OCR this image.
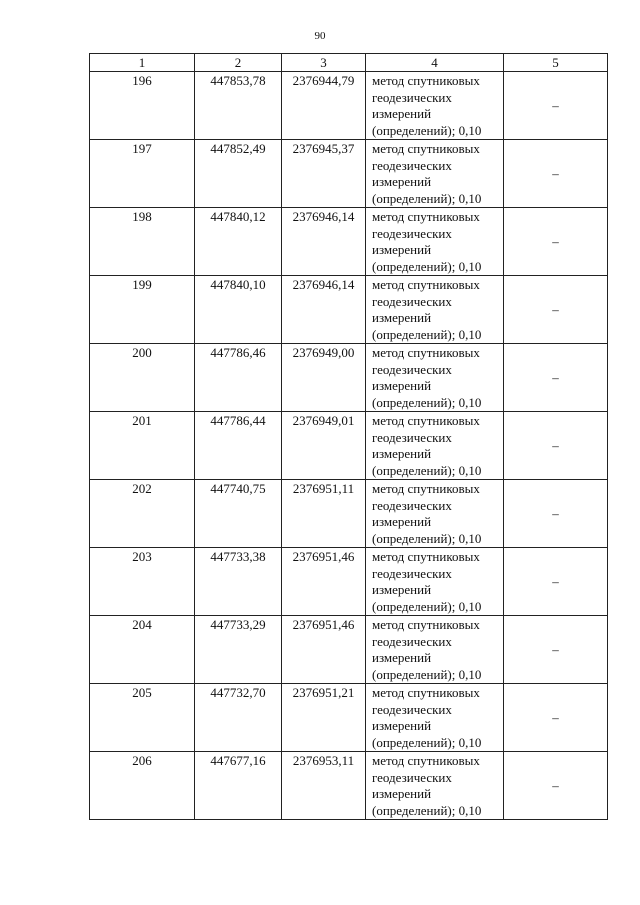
90
1	2	3	4	5
196	447853,78	2376944,79	метод спутниковых
геодезических
измерений
(определений); 0,10	–
197	447852,49	2376945,37	метод спутниковых
геодезических
измерений
(определений); 0,10	–
198	447840,12	2376946,14	метод спутниковых
геодезических
измерений
(определений); 0,10	–
199	447840,10	2376946,14	метод спутниковых
геодезических
измерений
(определений); 0,10	–
200	447786,46	2376949,00	метод спутниковых
геодезических
измерений
(определений); 0,10	–
201	447786,44	2376949,01	метод спутниковых
геодезических
измерений
(определений); 0,10	–
202	447740,75	2376951,11	метод спутниковых
геодезических
измерений
(определений); 0,10	–
203	447733,38	2376951,46	метод спутниковых
геодезических
измерений
(определений); 0,10	–
204	447733,29	2376951,46	метод спутниковых
геодезических
измерений
(определений); 0,10	–
205	447732,70	2376951,21	метод спутниковых
геодезических
измерений
(определений); 0,10	–
206	447677,16	2376953,11	метод спутниковых
геодезических
измерений
(определений); 0,10	–
